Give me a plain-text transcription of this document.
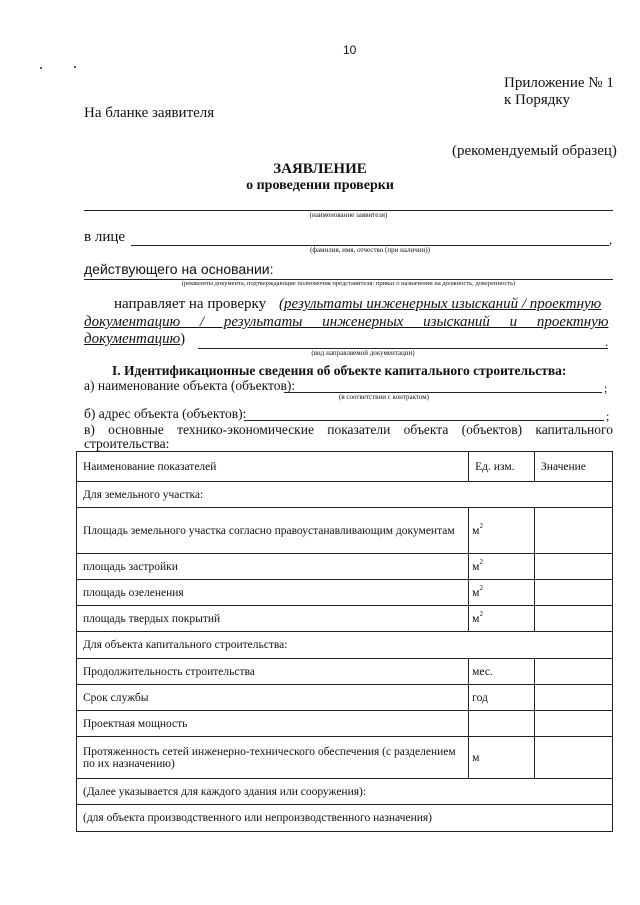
10
Приложение № 1
к Порядку
На бланке заявителя
(рекомендуемый образец)
ЗАЯВЛЕНИЕ
о проведении проверки
(наименование заявителя)
в лице	,
(фамилия, имя, отчество (при наличии))
действующего на основании:
(реквизиты документа, подтверждающие полномочия представителя: приказ о назначении на должность, доверенность)
направляет на проверку (результаты инженерных изысканий / проектную
документацию / результаты инженерных изысканий и проектную
документацию)	.
(вид направляемой документации)
I. Идентификационные сведения об объекте капитального строительства:
а) наименование объекта (объектов):	;
(в соответствии с контрактом)
б) адрес объекта (объектов):	;
в) основные технико-экономические показатели объекта (объектов) капитального
строительства:
Наименование показателей	Ед. изм.	Значение
Для земельного участка:		
Площадь земельного участка согласно правоустанавливающим документам	$м^2$	
площадь застройки	$м^2$	
площадь озеленения	$м^2$	
площадь твердых покрытий	$м^2$	
Для объекта капитального строительства:		
Продолжительность строительства	мес.	
Срок службы	год	
Проектная мощность		
Протяженность сетей инженерно-технического обеспечения (с разделением по их назначению)	м	
(Далее указывается для каждого здания или сооружения):		
(для объекта производственного или непроизводственного назначения)		
